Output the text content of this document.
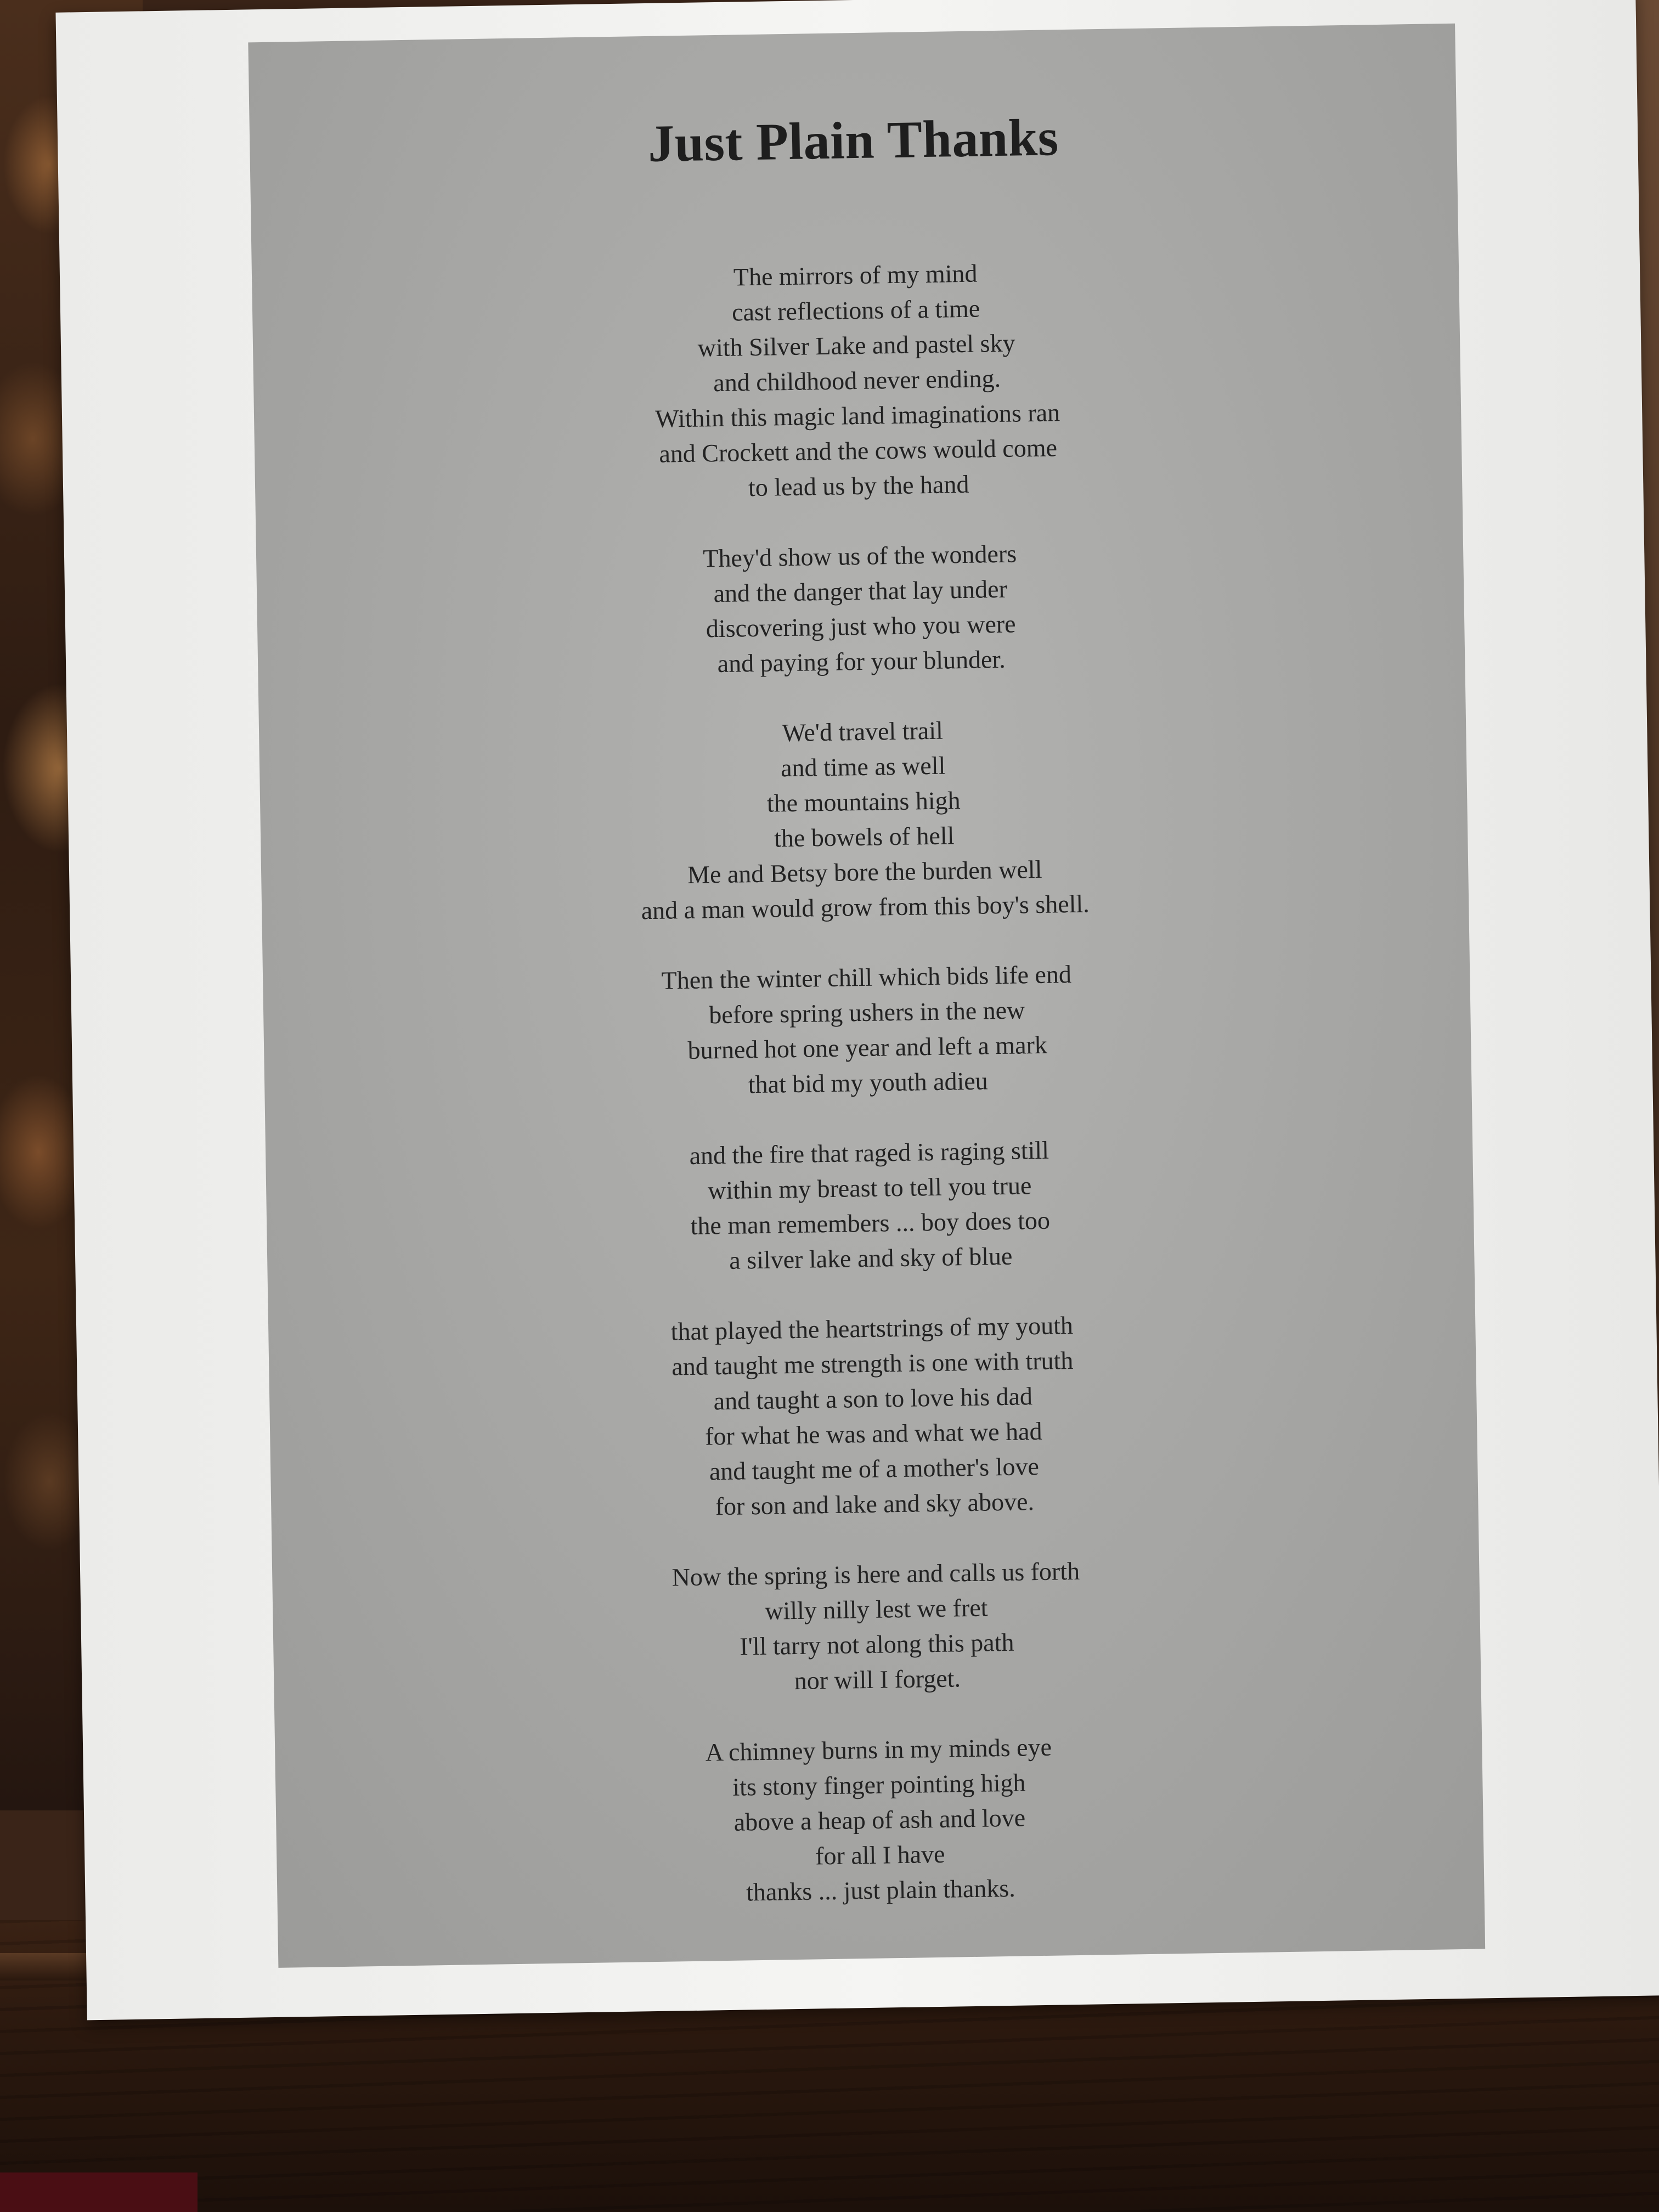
Just Plain Thanks
The mirrors of my mind
cast reflections of a time
with Silver Lake and pastel sky
and childhood never ending.
Within this magic land imaginations ran
and Crockett and the cows would come
to lead us by the hand
They'd show us of the wonders
and the danger that lay under
discovering just who you were
and paying for your blunder.
We'd travel trail
and time as well
the mountains high
the bowels of hell
Me and Betsy bore the burden well
and a man would grow from this boy's shell.
Then the winter chill which bids life end
before spring ushers in the new
burned hot one year and left a mark
that bid my youth adieu
and the fire that raged is raging still
within my breast to tell you true
the man remembers ... boy does too
a silver lake and sky of blue
that played the heartstrings of my youth
and taught me strength is one with truth
and taught a son to love his dad
for what he was and what we had
and taught me of a mother's love
for son and lake and sky above.
Now the spring is here and calls us forth
willy nilly lest we fret
I'll tarry not along this path
nor will I forget.
A chimney burns in my minds eye
its stony finger pointing high
above a heap of ash and love
for all I have
thanks ... just plain thanks.
